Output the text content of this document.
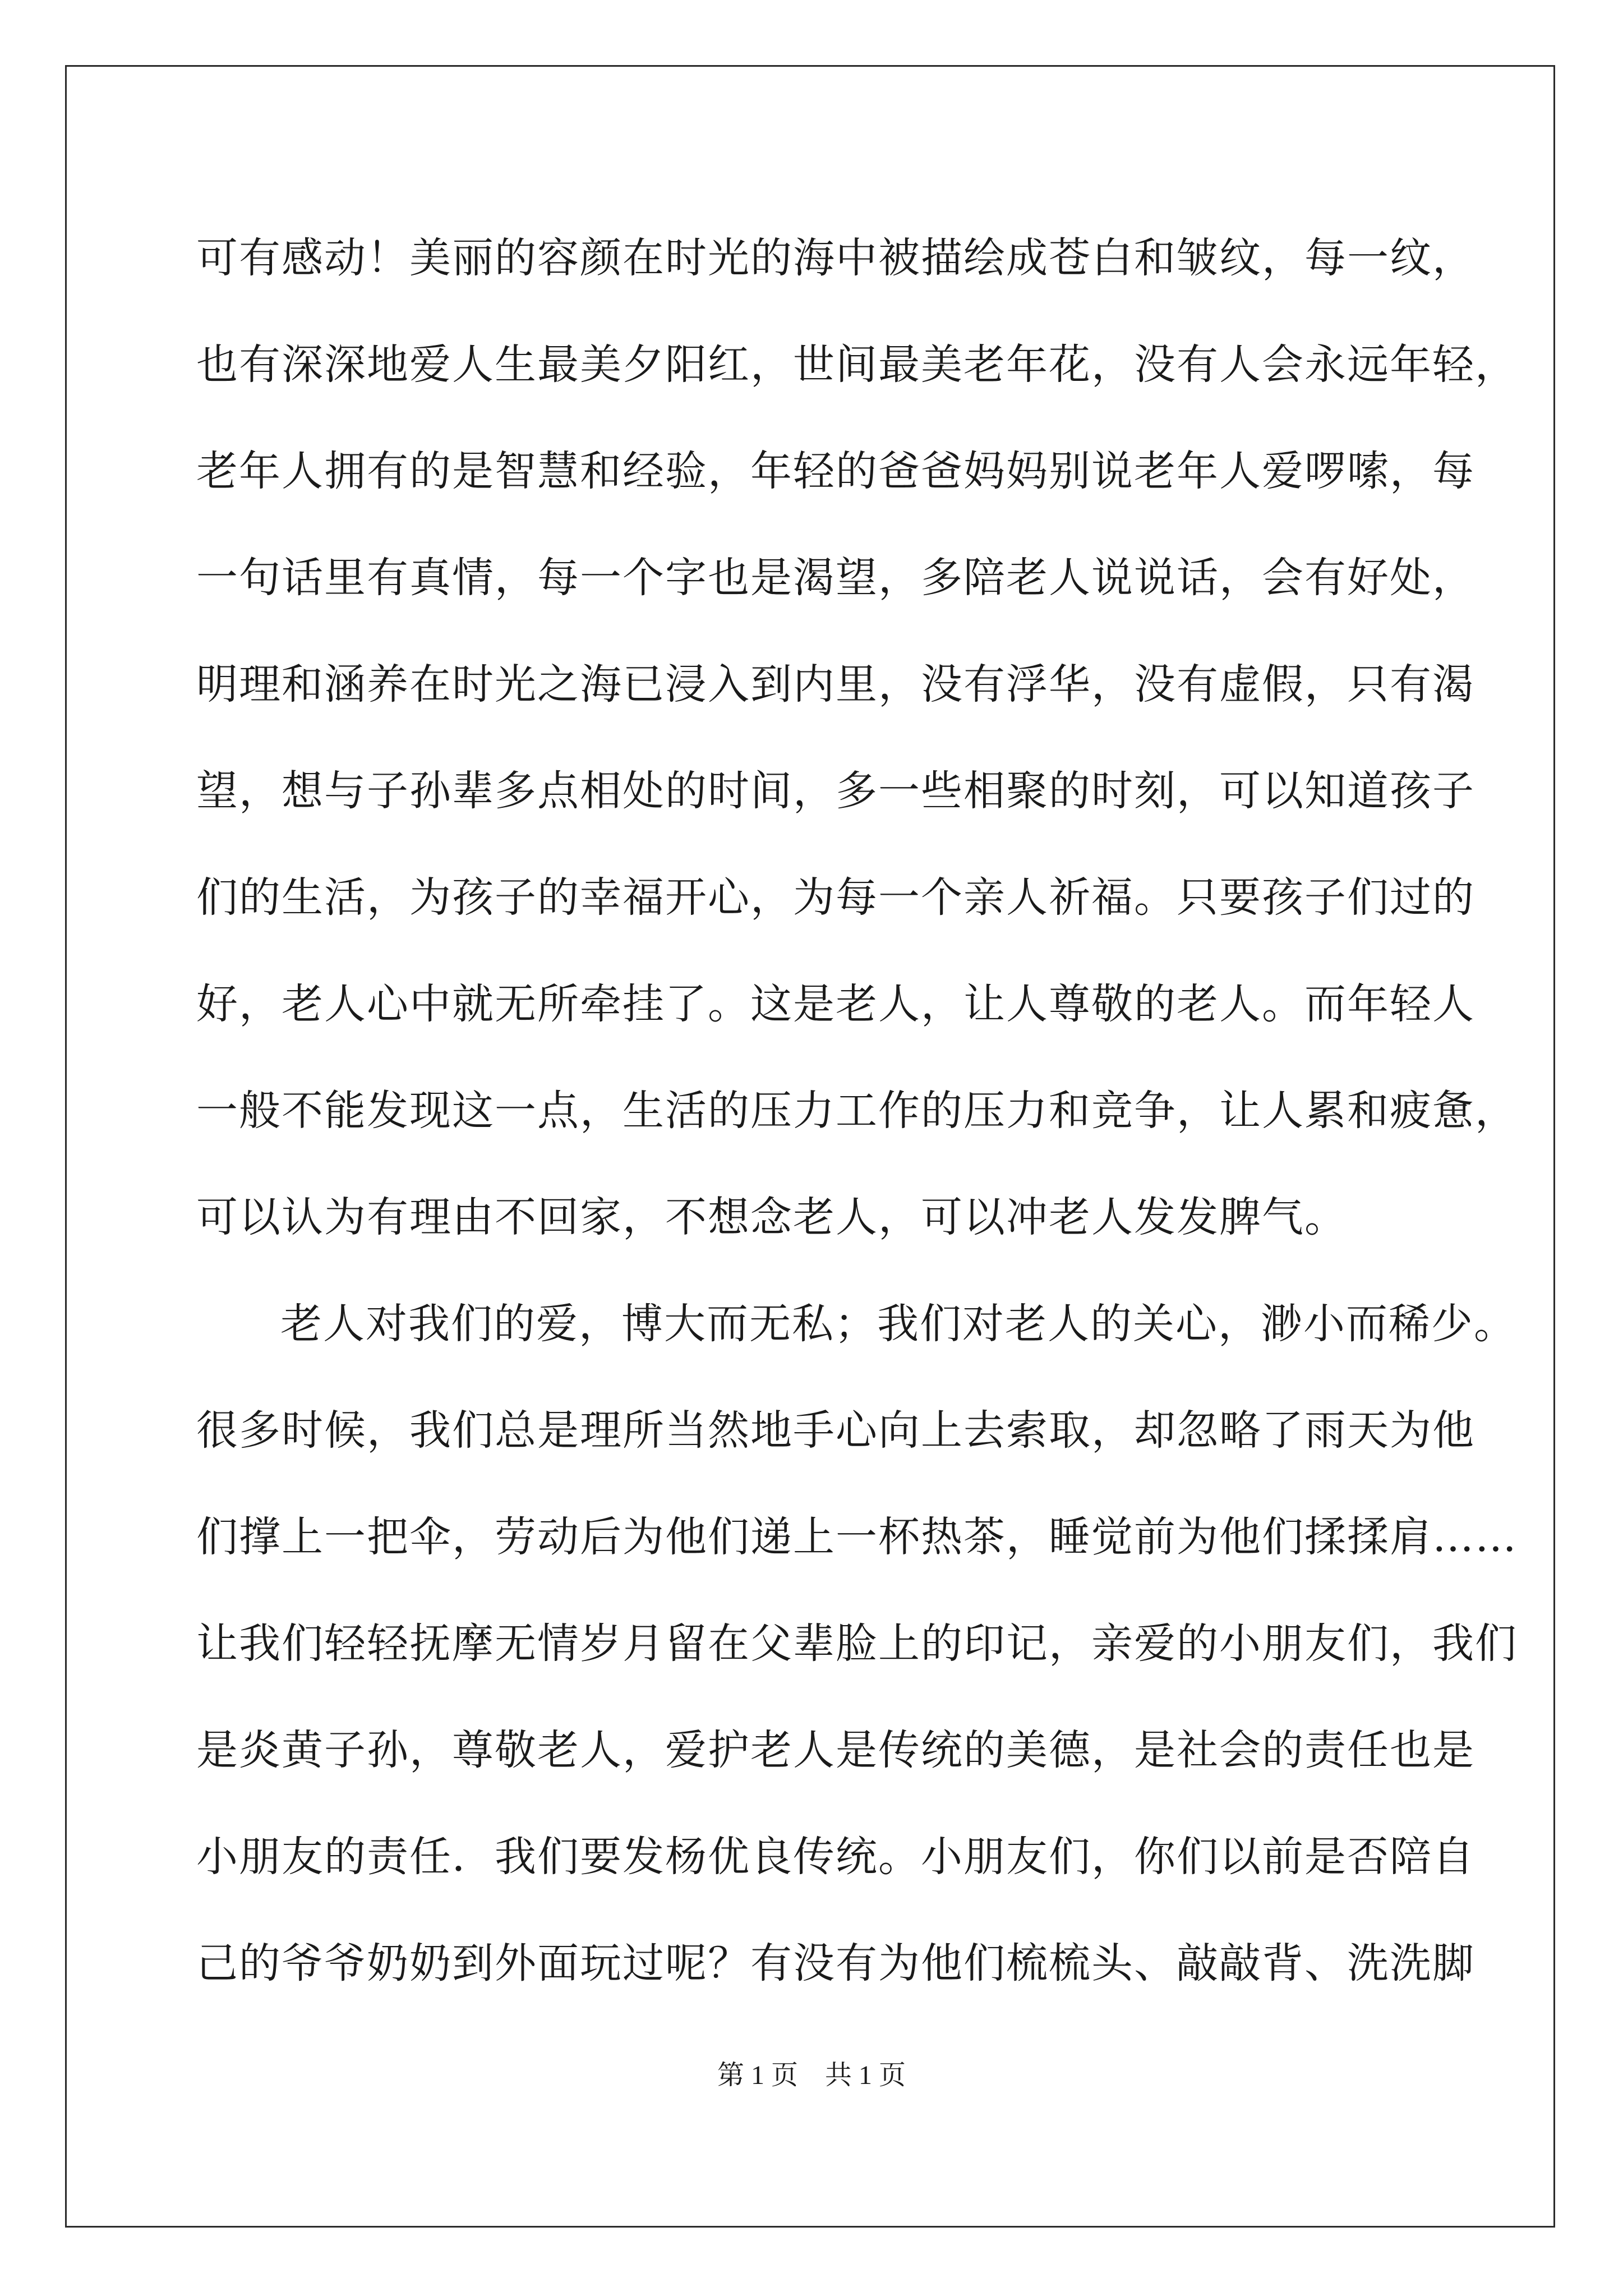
可有感动！美丽的容颜在时光的海中被描绘成苍白和皱纹，每一纹，
也有深深地爱人生最美夕阳红，世间最美老年花，没有人会永远年轻，
老年人拥有的是智慧和经验，年轻的爸爸妈妈别说老年人爱啰嗦，每
一句话里有真情，每一个字也是渴望，多陪老人说说话，会有好处，
明理和涵养在时光之海已浸入到内里，没有浮华，没有虚假，只有渴
望，想与子孙辈多点相处的时间，多一些相聚的时刻，可以知道孩子
们的生活，为孩子的幸福开心，为每一个亲人祈福。只要孩子们过的
好，老人心中就无所牵挂了。这是老人，让人尊敬的老人。而年轻人
一般不能发现这一点，生活的压力工作的压力和竞争，让人累和疲惫，
可以认为有理由不回家，不想念老人，可以冲老人发发脾气。
老人对我们的爱，博大而无私；我们对老人的关心，渺小而稀少。
很多时候，我们总是理所当然地手心向上去索取，却忽略了雨天为他
们撑上一把伞，劳动后为他们递上一杯热茶，睡觉前为他们揉揉肩……
让我们轻轻抚摩无情岁月留在父辈脸上的印记，亲爱的小朋友们，我们
是炎黄子孙，尊敬老人，爱护老人是传统的美德，是社会的责任也是
小朋友的责任．我们要发杨优良传统。小朋友们，你们以前是否陪自
己的爷爷奶奶到外面玩过呢？有没有为他们梳梳头、敲敲背、洗洗脚
第 1 页　共 1 页
